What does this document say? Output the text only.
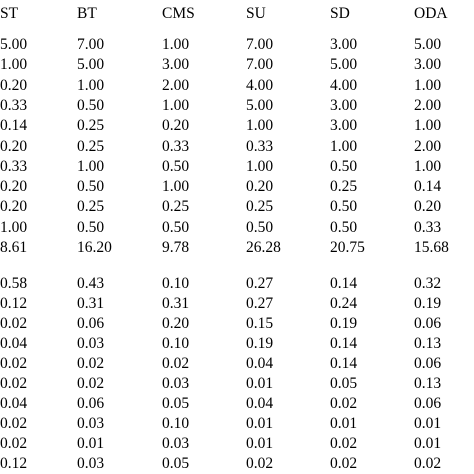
ST	BT	CMS	SU	SD	ODA
5.00	7.00	1.00	7.00	3.00	5.00
1.00	5.00	3.00	7.00	5.00	3.00
0.20	1.00	2.00	4.00	4.00	1.00
0.33	0.50	1.00	5.00	3.00	2.00
0.14	0.25	0.20	1.00	3.00	1.00
0.20	0.25	0.33	0.33	1.00	2.00
0.33	1.00	0.50	1.00	0.50	1.00
0.20	0.50	1.00	0.20	0.25	0.14
0.20	0.25	0.25	0.25	0.50	0.20
1.00	0.50	0.50	0.50	0.50	0.33
8.61	16.20	9.78	26.28	20.75	15.68
0.58	0.43	0.10	0.27	0.14	0.32
0.12	0.31	0.31	0.27	0.24	0.19
0.02	0.06	0.20	0.15	0.19	0.06
0.04	0.03	0.10	0.19	0.14	0.13
0.02	0.02	0.02	0.04	0.14	0.06
0.02	0.02	0.03	0.01	0.05	0.13
0.04	0.06	0.05	0.04	0.02	0.06
0.02	0.03	0.10	0.01	0.01	0.01
0.02	0.01	0.03	0.01	0.02	0.01
0.12	0.03	0.05	0.02	0.02	0.02
